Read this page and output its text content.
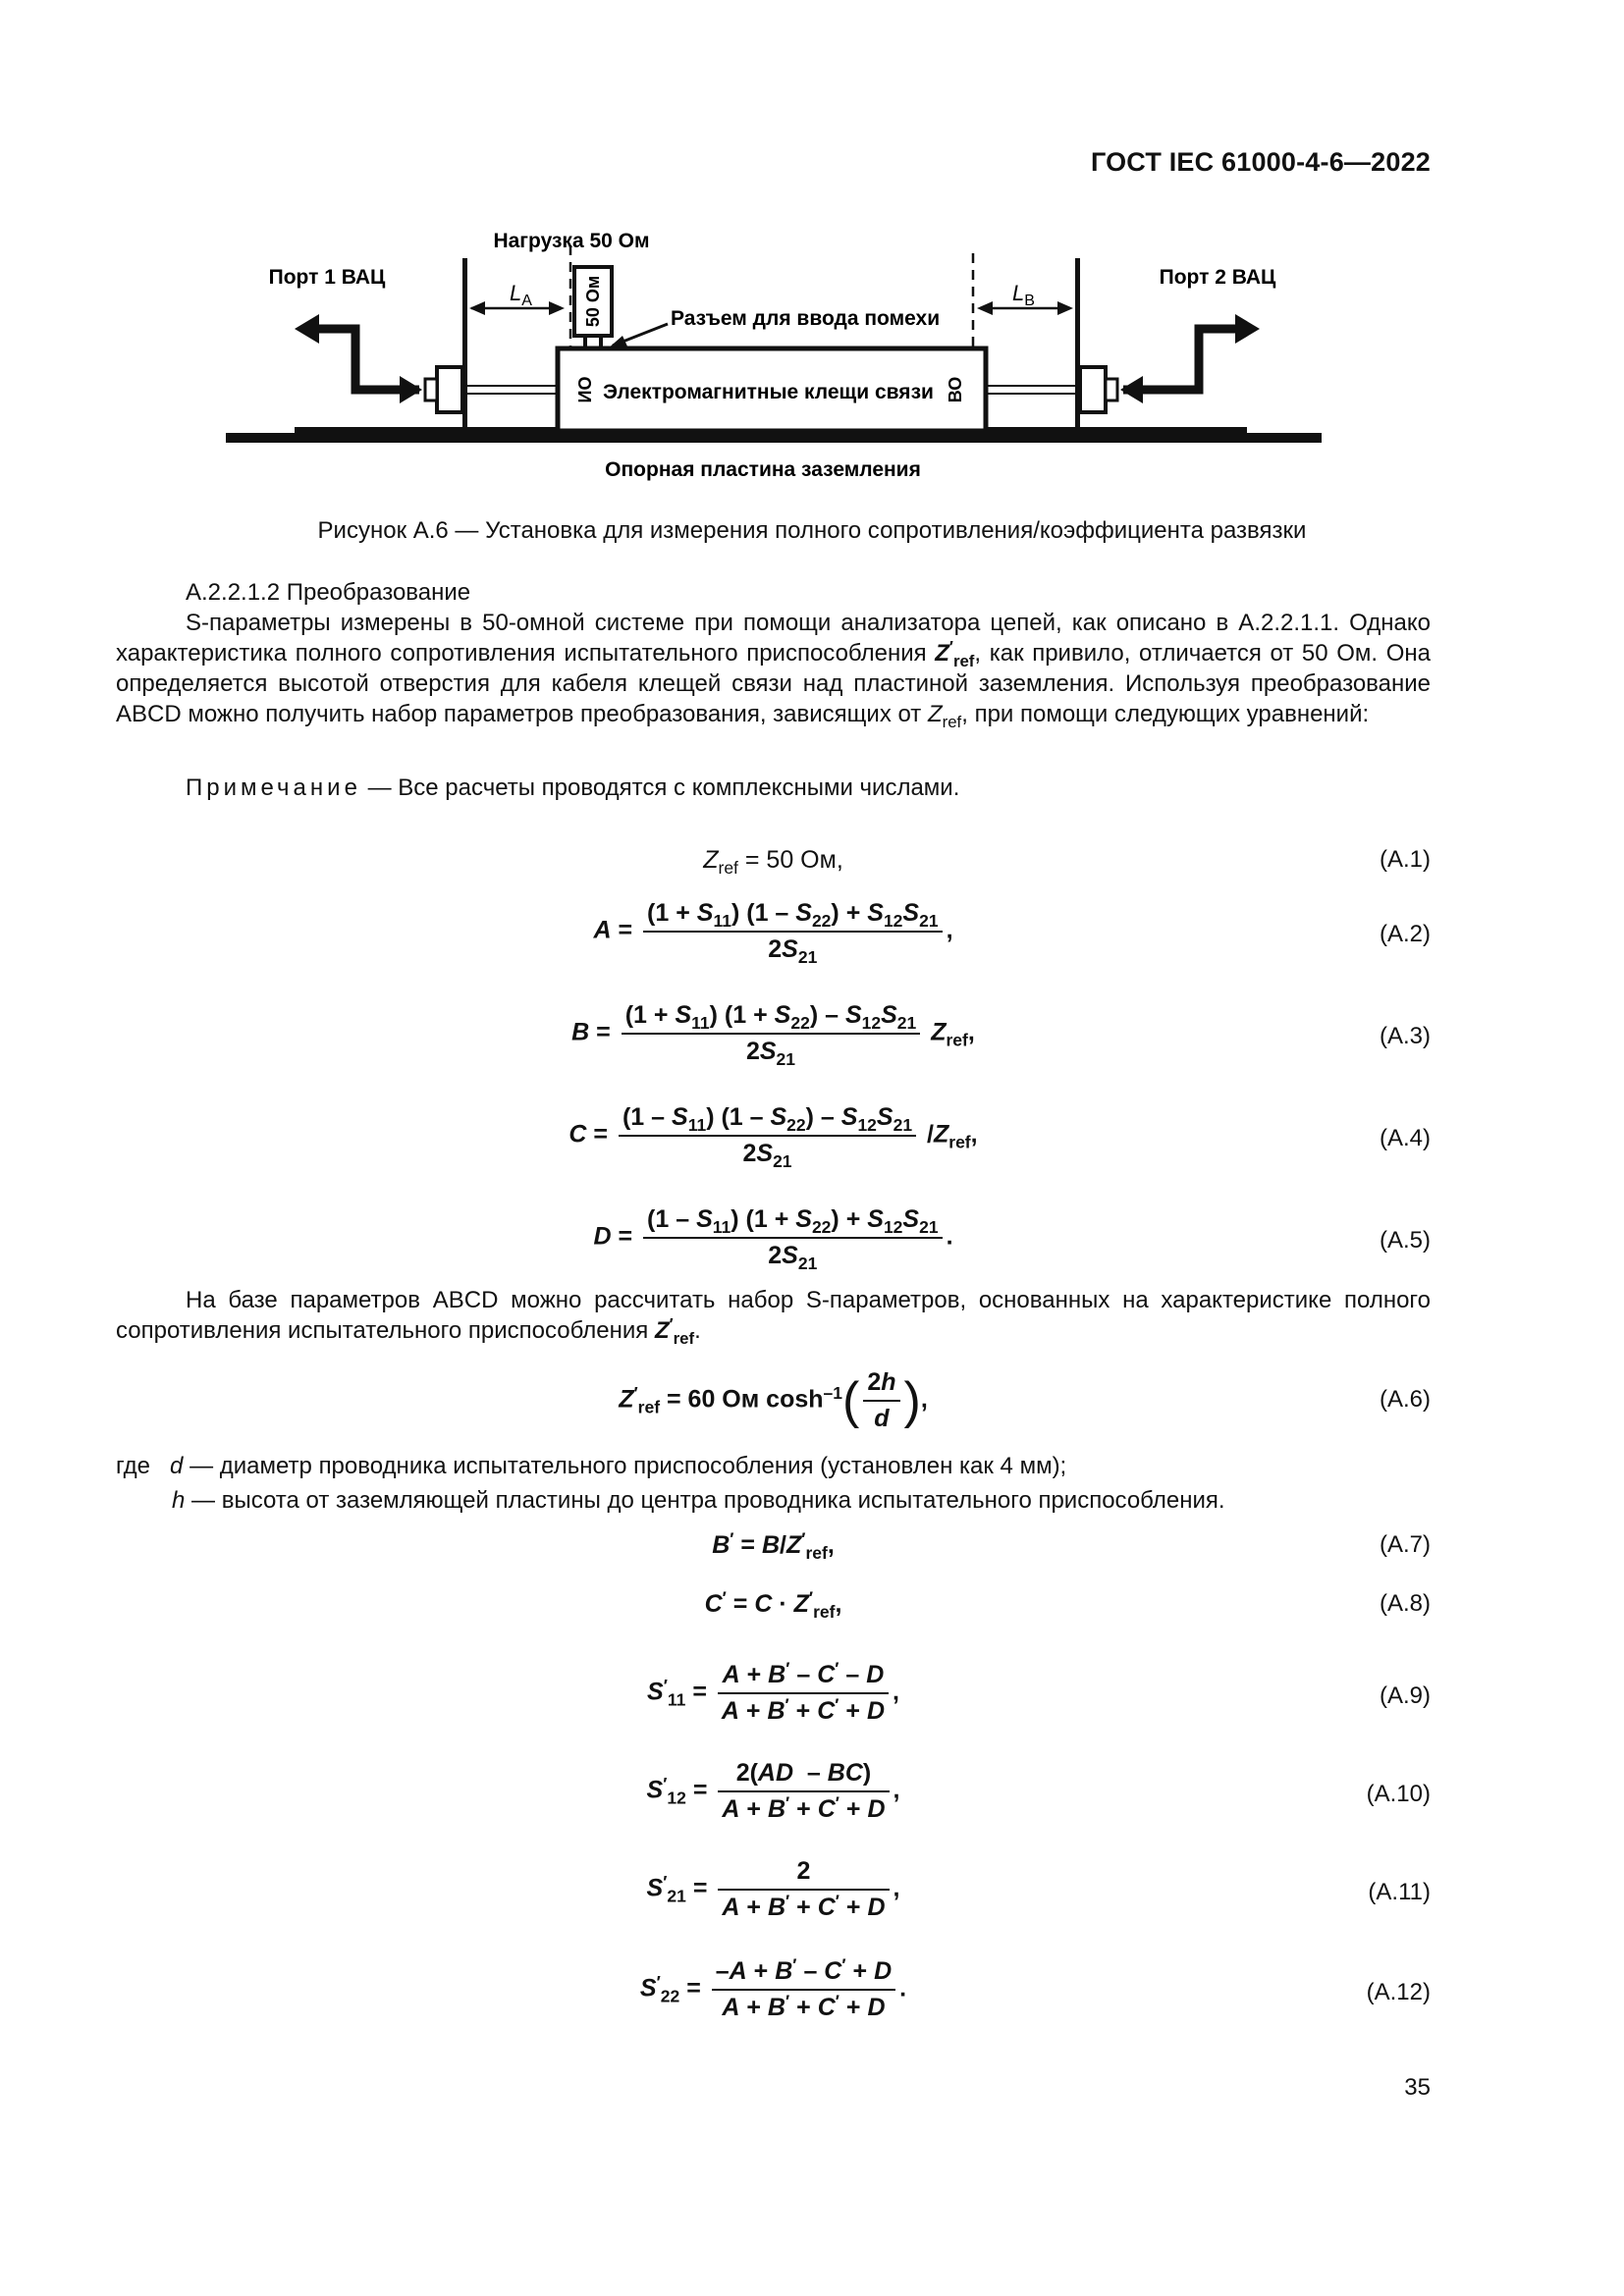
ГОСТ IEC 61000-4-6—2022
Нагрузка 50 Ом
Порт 1 ВАЦ	Порт 2 ВАЦ
$L_A$	$L_B$
50 Ом	Разъем для ввода помехи
Электромагнитные клещи связи
ИО	ВО
Опорная пластина заземления
Рисунок А.6 — Установка для измерения полного сопротивления/коэффициента развязки
А.2.2.1.2 Преобразование
S-параметры измерены в 50-омной системе при помощи анализатора цепей, как описано в А.2.2.1.1. Однако характеристика полного сопротивления испытательного приспособления $Z'_{ref}$, как привило, отличается от 50 Ом. Она определяется высотой отверстия для кабеля клещей связи над пластиной заземления. Используя преобразование ABCD можно получить набор параметров преобразования, зависящих от $Z_{ref}$, при помощи следующих уравнений:
Примечание — Все расчеты проводятся с комплексными числами.
$Z_{ref} = 50$ Ом,	(А.1)
$A = \frac{(1 + S_{11}) (1 - S_{22}) + S_{12}S_{21}}{2S_{21}}$ ,	(А.2)
$B = \frac{(1 + S_{11}) (1 + S_{22}) - S_{12}S_{21}}{2S_{21}} Z_{ref}$,	(А.3)
$C = \frac{(1 - S_{11}) (1 - S_{22}) - S_{12}S_{21}}{2S_{21}} /Z_{ref}$,	(А.4)
$D = \frac{(1 - S_{11}) (1 + S_{22}) + S_{12}S_{21}}{2S_{21}}$ .	(А.5)
На базе параметров ABCD можно рассчитать набор S-параметров, основанных на характеристике полного сопротивления испытательного приспособления $Z'_{ref}$.
$Z'_{ref} = 60$ Ом $\cosh^{-1}( \frac{2h}{d}$ ),	(А.6)
где d — диаметр проводника испытательного приспособления (установлен как 4 мм);
h — высота от заземляющей пластины до центра проводника испытательного приспособления.
$B' = B/Z'_{ref}$,	(А.7)
$C' = C \cdot Z'_{ref}$,	(А.8)
$S'_{11} = \frac{A + B' - C' - D}{A + B' + C' + D}$ ,	(А.9)
$S'_{12} = \frac{2(AD - BC)}{A + B' + C' + D}$ ,	(А.10)
$S'_{21} = \frac{2}{A + B' + C' + D}$ ,	(А.11)
$S'_{22} = \frac{-A + B' - C' + D}{A + B' + C' + D}$ .	(А.12)
35
